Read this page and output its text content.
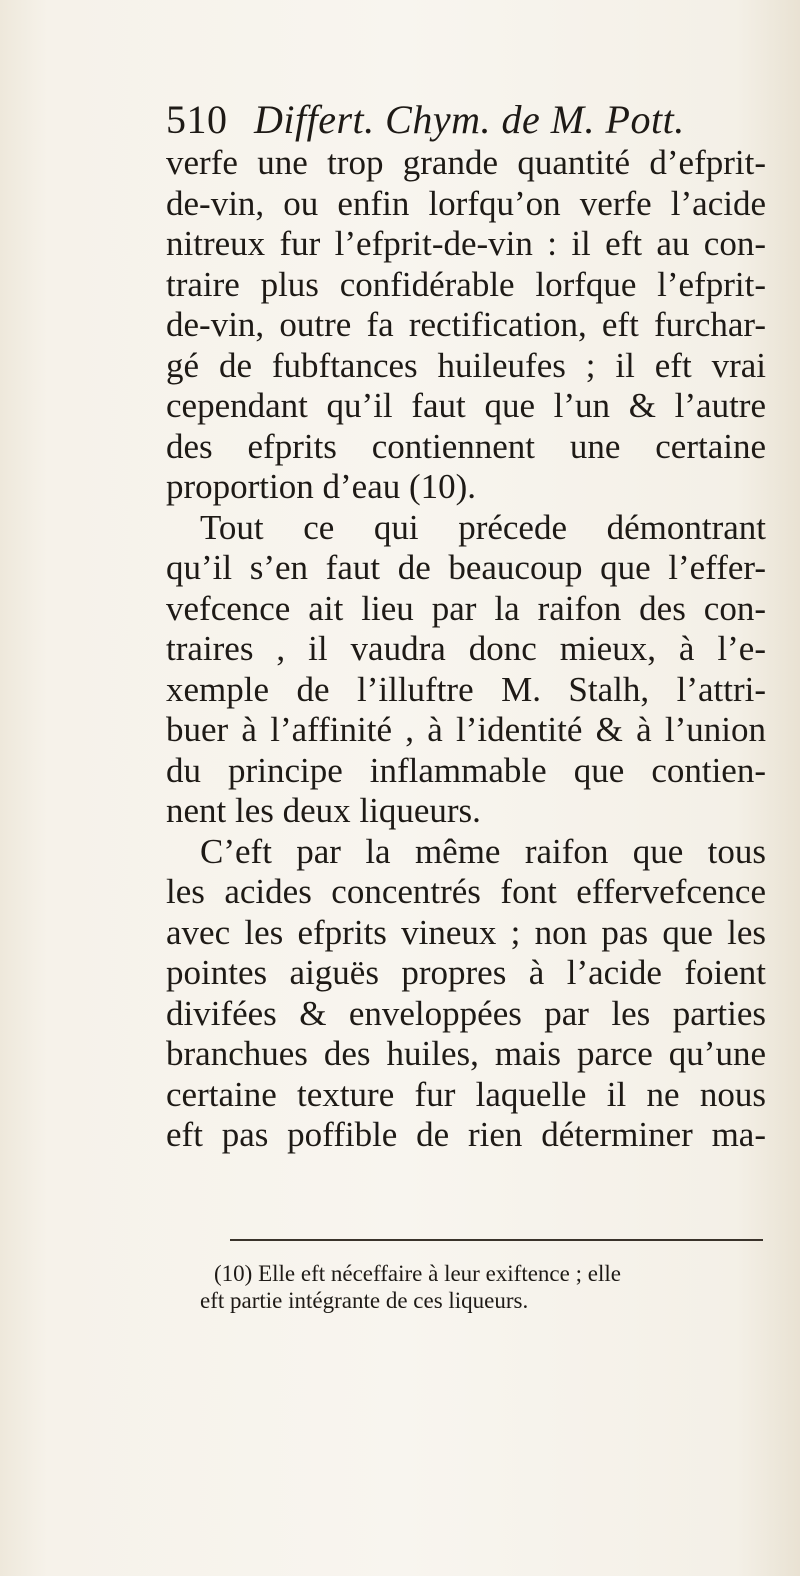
510 Differt. Chym. de M. Pott.
verfe une trop grande quantité d’efprit-
de-vin, ou enfin lorfqu’on verfe l’acide
nitreux fur l’efprit-de-vin : il eft au con-
traire plus confidérable lorfque l’efprit-
de-vin, outre fa rectification, eft furchar-
gé de fubftances huileufes ; il eft vrai
cependant qu’il faut que l’un & l’autre
des efprits contiennent une certaine
proportion d’eau (10).
Tout ce qui précede démontrant
qu’il s’en faut de beaucoup que l’effer-
vefcence ait lieu par la raifon des con-
traires , il vaudra donc mieux, à l’e-
xemple de l’illuftre M. Stalh, l’attri-
buer à l’affinité , à l’identité & à l’union
du principe inflammable que contien-
nent les deux liqueurs.
C’eft par la même raifon que tous
les acides concentrés font effervefcence
avec les efprits vineux ; non pas que les
pointes aiguës propres à l’acide foient
divifées & enveloppées par les parties
branchues des huiles, mais parce qu’une
certaine texture fur laquelle il ne nous
eft pas poffible de rien déterminer ma-
(10) Elle eft néceffaire à leur exiftence ; elle
eft partie intégrante de ces liqueurs.
